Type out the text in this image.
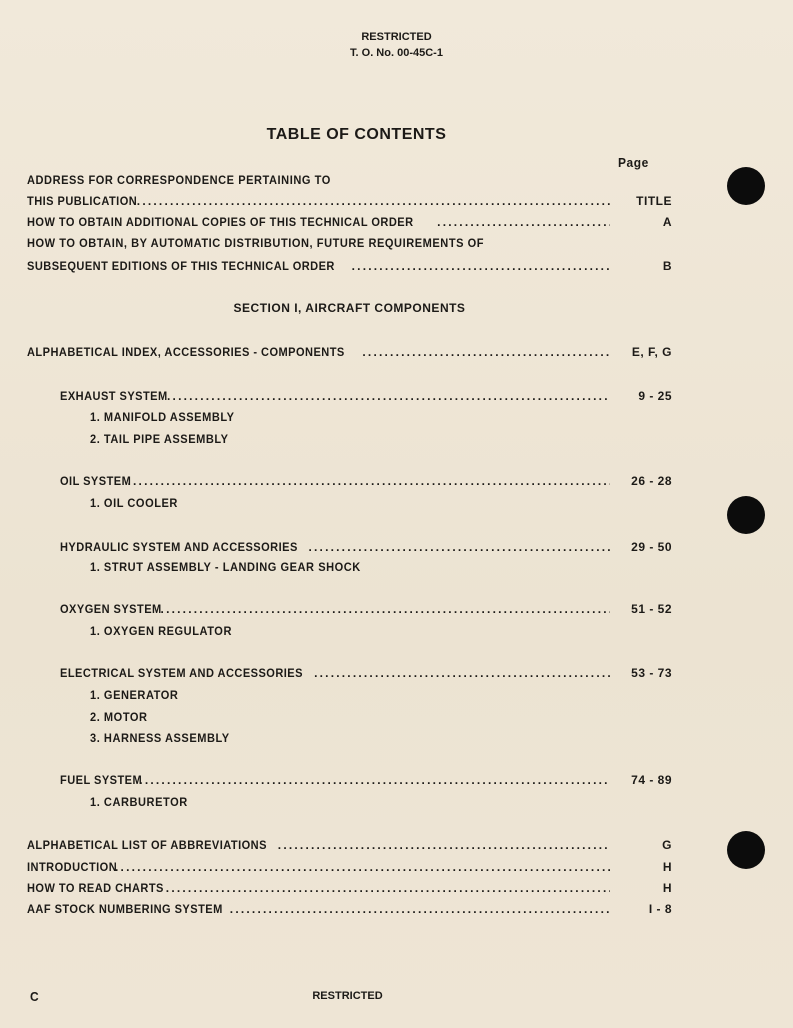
RESTRICTED
T. O. No. 00-45C-1
TABLE OF CONTENTS
Page
ADDRESS FOR CORRESPONDENCE PERTAINING TO
THIS PUBLICATION .....	TITLE
HOW TO OBTAIN ADDITIONAL COPIES OF THIS TECHNICAL ORDER .....	A
HOW TO OBTAIN, BY AUTOMATIC DISTRIBUTION, FUTURE REQUIREMENTS OF
SUBSEQUENT EDITIONS OF THIS TECHNICAL ORDER .....	B
SECTION I, AIRCRAFT COMPONENTS
ALPHABETICAL INDEX, ACCESSORIES - COMPONENTS .....	E, F, G
EXHAUST SYSTEM .....	9 - 25
1. MANIFOLD ASSEMBLY
2. TAIL PIPE ASSEMBLY
OIL SYSTEM .....	26 - 28
1. OIL COOLER
HYDRAULIC SYSTEM AND ACCESSORIES .....	29 - 50
1. STRUT ASSEMBLY - LANDING GEAR SHOCK
OXYGEN SYSTEM .....	51 - 52
1. OXYGEN REGULATOR
ELECTRICAL SYSTEM AND ACCESSORIES .....	53 - 73
1. GENERATOR
2. MOTOR
3. HARNESS ASSEMBLY
FUEL SYSTEM .....	74 - 89
1. CARBURETOR
ALPHABETICAL LIST OF ABBREVIATIONS .....	G
INTRODUCTION .....	H
HOW TO READ CHARTS .....	H
AAF STOCK NUMBERING SYSTEM .....	I - 8
C	RESTRICTED
